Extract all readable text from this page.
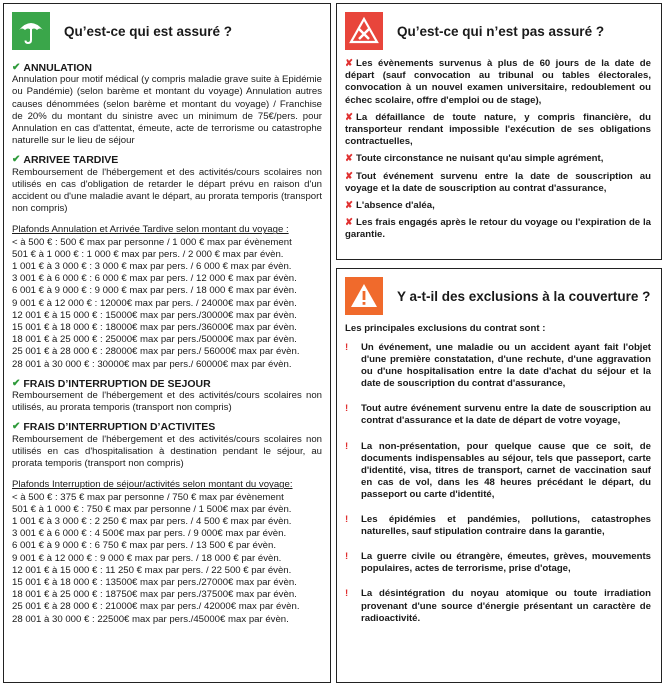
Qu’est-ce qui est assuré ?
✔ ANNULATION
Annulation pour motif médical (y compris maladie grave suite à Epidémie ou Pandémie) (selon barème et montant du voyage) Annulation autres causes dénommées (selon barème et montant du voyage) / Franchise de 20% du montant du sinistre avec un minimum de 75€/pers. pour Annulation en cas d'attentat, émeute, acte de terrorisme ou catastrophe naturelle sur le lieu de séjour
✔ ARRIVEE TARDIVE
Remboursement de l'hébergement et des activités/cours scolaires non utilisés en cas d'obligation de retarder le départ prévu en raison d'un accident ou d'une maladie avant le départ, au prorata temporis (transport non compris)
Plafonds Annulation et Arrivée Tardive selon montant du voyage :
< à 500 € : 500 € max par personne / 1 000 € max par évènement
501 € à 1 000 € : 1 000 € max par pers. / 2 000 € max par évèn.
1 001 € à 3 000 € : 3 000 € max par pers. / 6 000 € max par évèn.
3 001 € à 6 000 € : 6 000 € max par pers. / 12 000 € max par évèn.
6 001 € à 9 000 € : 9 000 € max par pers. / 18 000 € max par évèn.
9 001 € à 12 000 € : 12000€ max par pers. / 24000€ max par évèn.
12 001 € à 15 000 € : 15000€ max par pers./30000€ max par évèn.
15 001 € à 18 000 € : 18000€ max par pers./36000€ max par évèn.
18 001 € à 25 000 € : 25000€ max par pers./50000€ max par évèn.
25 001 € à 28 000 € : 28000€ max par pers./ 56000€ max par évèn.
28 001 à 30 000 € : 30000€ max par pers./ 60000€ max par évèn.
✔ FRAIS D’INTERRUPTION DE SEJOUR
Remboursement de l'hébergement et des activités/cours scolaires non utilisés, au prorata temporis (transport non compris)
✔ FRAIS D’INTERRUPTION D’ACTIVITES
Remboursement de l'hébergement et des activités/cours scolaires non utilisés en cas d'hospitalisation à destination pendant le séjour, au prorata temporis (transport non compris)
Plafonds Interruption de séjour/activités selon montant du voyage:
< à 500 € : 375 € max par personne / 750 € max par évènement
501 € à 1 000 € : 750 € max par personne / 1 500€ max par évèn.
1 001 € à 3 000 € : 2 250 € max par pers. / 4 500 € max par évèn.
3 001 € à 6 000 € : 4 500€ max par pers. / 9 000€ max par évèn.
6 001 € à 9 000 € : 6 750 € max par pers. / 13 500 € par évèn.
9 001 € à 12 000 € : 9 000 € max par pers. / 18 000 € par évèn.
12 001 € à 15 000 € : 11 250 € max par pers. / 22 500 € par évèn.
15 001 € à 18 000 € : 13500€ max par pers./27000€ max par évèn.
18 001 € à 25 000 € : 18750€ max par pers./37500€ max par évèn.
25 001 € à 28 000 € : 21000€ max par pers./ 42000€ max par évèn.
28 001 à 30 000 € : 22500€ max par pers./45000€ max par évèn.
Qu’est-ce qui n’est pas assuré ?
✘ Les évènements survenus à plus de 60 jours de la date de départ (sauf convocation au tribunal ou tables électorales, convocation à un nouvel examen universitaire, redoublement ou échec scolaire, offre d'emploi ou de stage),
✘ La défaillance de toute nature, y compris financière, du transporteur rendant impossible l'exécution de ses obligations contractuelles,
✘ Toute circonstance ne nuisant qu'au simple agrément,
✘ Tout événement survenu entre la date de souscription au voyage et la date de souscription au contrat d'assurance,
✘ L'absence d'aléa,
✘ Les frais engagés après le retour du voyage ou l'expiration de la garantie.
Y a-t-il des exclusions à la couverture ?
Les principales exclusions du contrat sont :
!	Un événement, une maladie ou un accident ayant fait l'objet d'une première constatation, d'une rechute, d'une aggravation ou d'une hospitalisation entre la date d'achat du séjour et la date de souscription du contrat d'assurance,
!	Tout autre événement survenu entre la date de souscription au contrat d'assurance et la date de départ de votre voyage,
!	La non-présentation, pour quelque cause que ce soit, de documents indispensables au séjour, tels que passeport, carte d'identité, visa, titres de transport, carnet de vaccination sauf en cas de vol, dans les 48 heures précédant le départ, du passeport ou carte d'identité,
!	Les épidémies et pandémies, pollutions, catastrophes naturelles, sauf stipulation contraire dans la garantie,
!	La guerre civile ou étrangère, émeutes, grèves, mouvements populaires, actes de terrorisme, prise d'otage,
!	La désintégration du noyau atomique ou toute irradiation provenant d'une source d'énergie présentant un caractère de radioactivité.
